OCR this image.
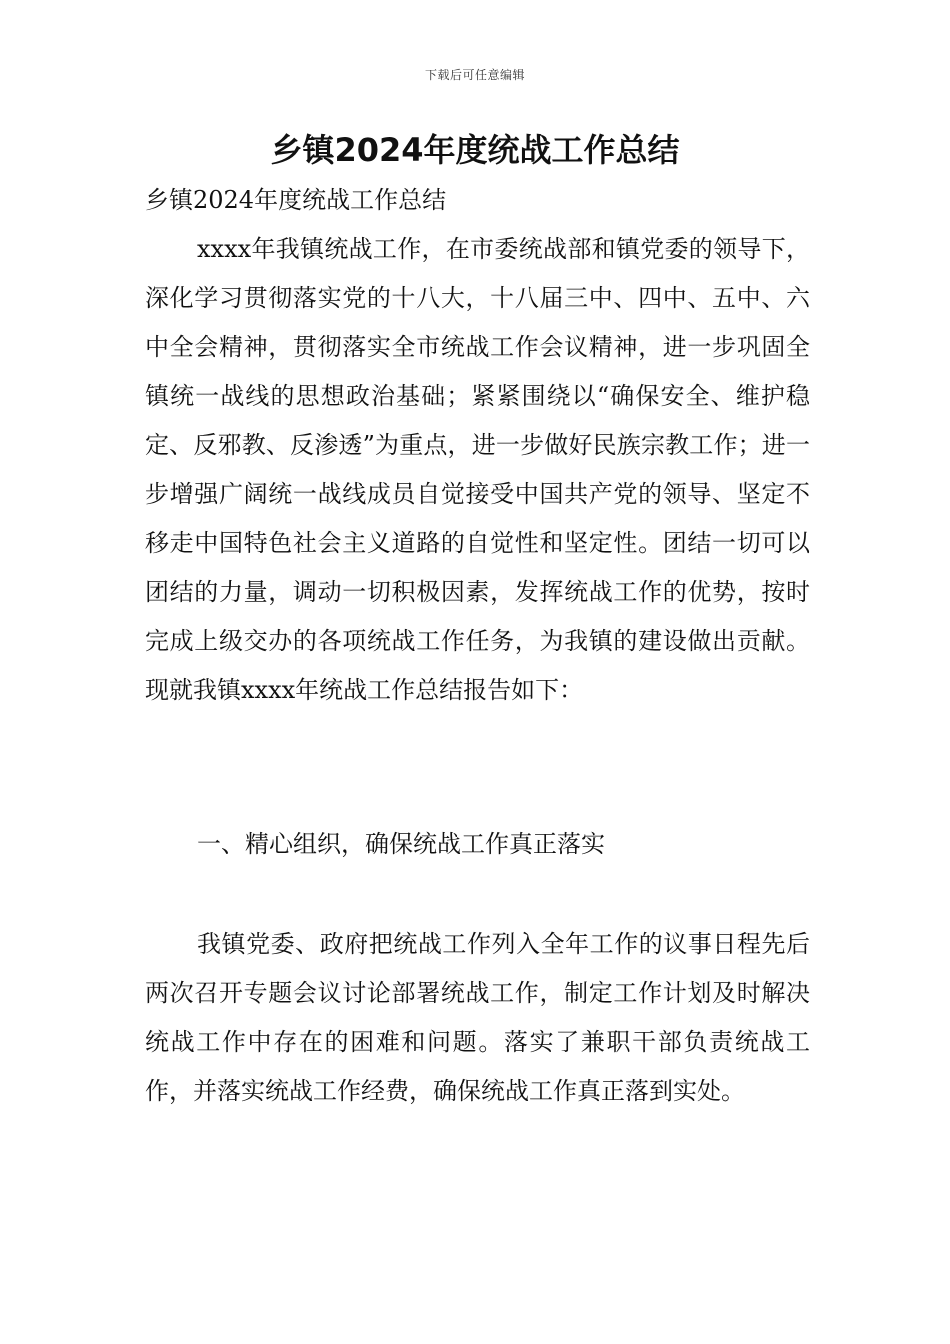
下载后可任意编辑
乡镇2024年度统战工作总结

乡镇2024年度统战工作总结

xxxx年我镇统战工作，在市委统战部和镇党委的领导下，深化学习贯彻落实党的十八大，十八届三中、四中、五中、六中全会精神，贯彻落实全市统战工作会议精神，进一步巩固全镇统一战线的思想政治基础；紧紧围绕以“确保安全、维护稳定、反邪教、反渗透”为重点，进一步做好民族宗教工作；进一步增强广阔统一战线成员自觉接受中国共产党的领导、坚定不移走中国特色社会主义道路的自觉性和坚定性。团结一切可以团结的力量，调动一切积极因素，发挥统战工作的优势，按时完成上级交办的各项统战工作任务，为我镇的建设做出贡献。现就我镇xxxx年统战工作总结报告如下：

一、精心组织，确保统战工作真正落实

我镇党委、政府把统战工作列入全年工作的议事日程先后两次召开专题会议讨论部署统战工作，制定工作计划及时解决统战工作中存在的困难和问题。落实了兼职干部负责统战工作，并落实统战工作经费，确保统战工作真正落到实处。
